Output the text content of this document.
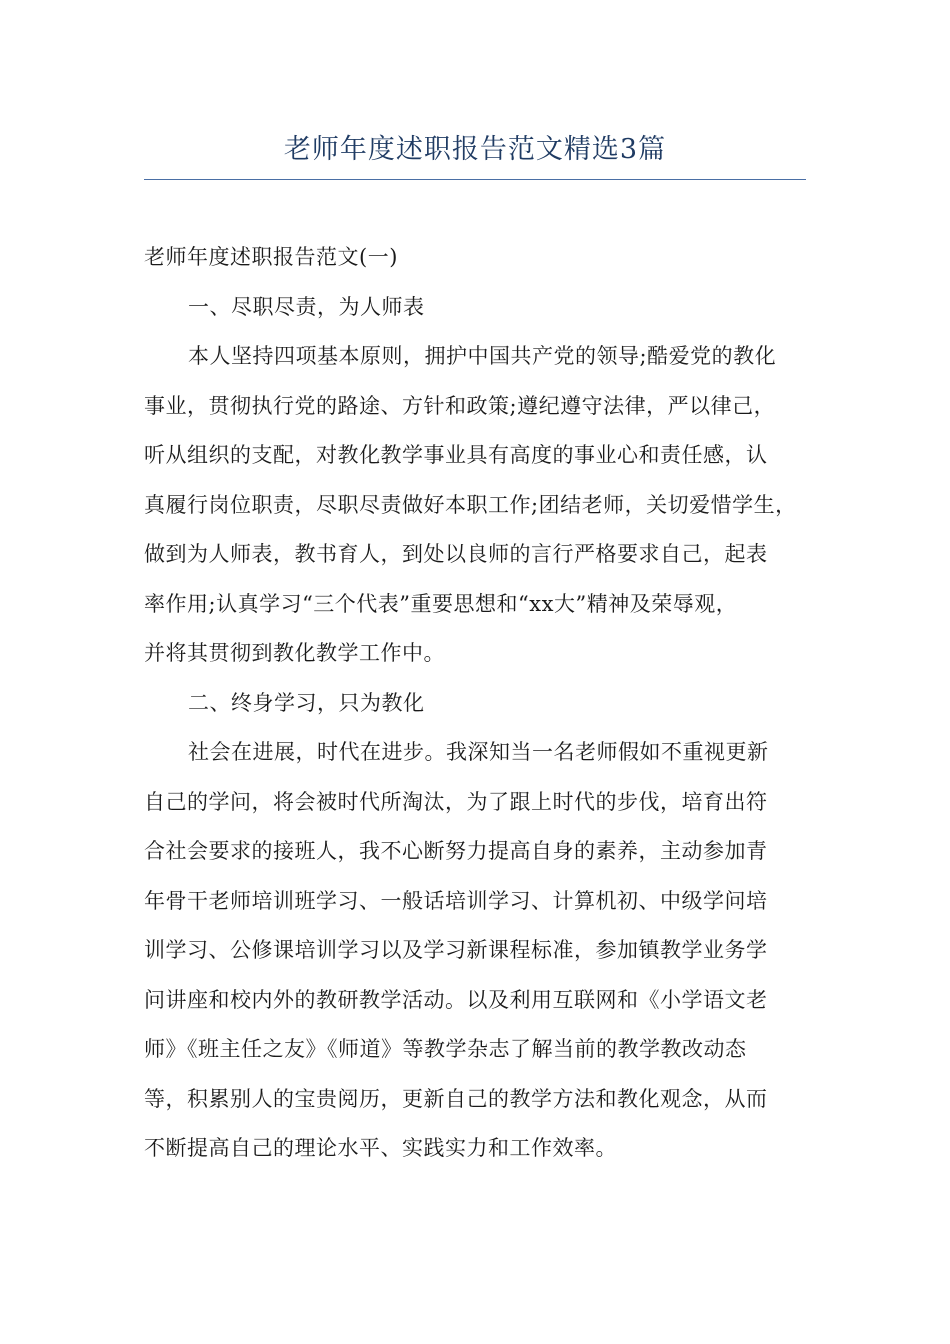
老师年度述职报告范文精选3篇
老师年度述职报告范文(一)
一、尽职尽责，为人师表
本人坚持四项基本原则，拥护中国共产党的领导;酷爱党的教化
事业，贯彻执行党的路途、方针和政策;遵纪遵守法律，严以律己，
听从组织的支配，对教化教学事业具有高度的事业心和责任感，认
真履行岗位职责，尽职尽责做好本职工作;团结老师，关切爱惜学生，
做到为人师表，教书育人，到处以良师的言行严格要求自己，起表
率作用;认真学习“三个代表”重要思想和“xx大”精神及荣辱观，
并将其贯彻到教化教学工作中。
二、终身学习，只为教化
社会在进展，时代在进步。我深知当一名老师假如不重视更新
自己的学问，将会被时代所淘汰，为了跟上时代的步伐，培育出符
合社会要求的接班人，我不心断努力提高自身的素养，主动参加青
年骨干老师培训班学习、一般话培训学习、计算机初、中级学问培
训学习、公修课培训学习以及学习新课程标准，参加镇教学业务学
问讲座和校内外的教研教学活动。以及利用互联网和《小学语文老
师》《班主任之友》《师道》等教学杂志了解当前的教学教改动态
等，积累别人的宝贵阅历，更新自己的教学方法和教化观念，从而
不断提高自己的理论水平、实践实力和工作效率。
